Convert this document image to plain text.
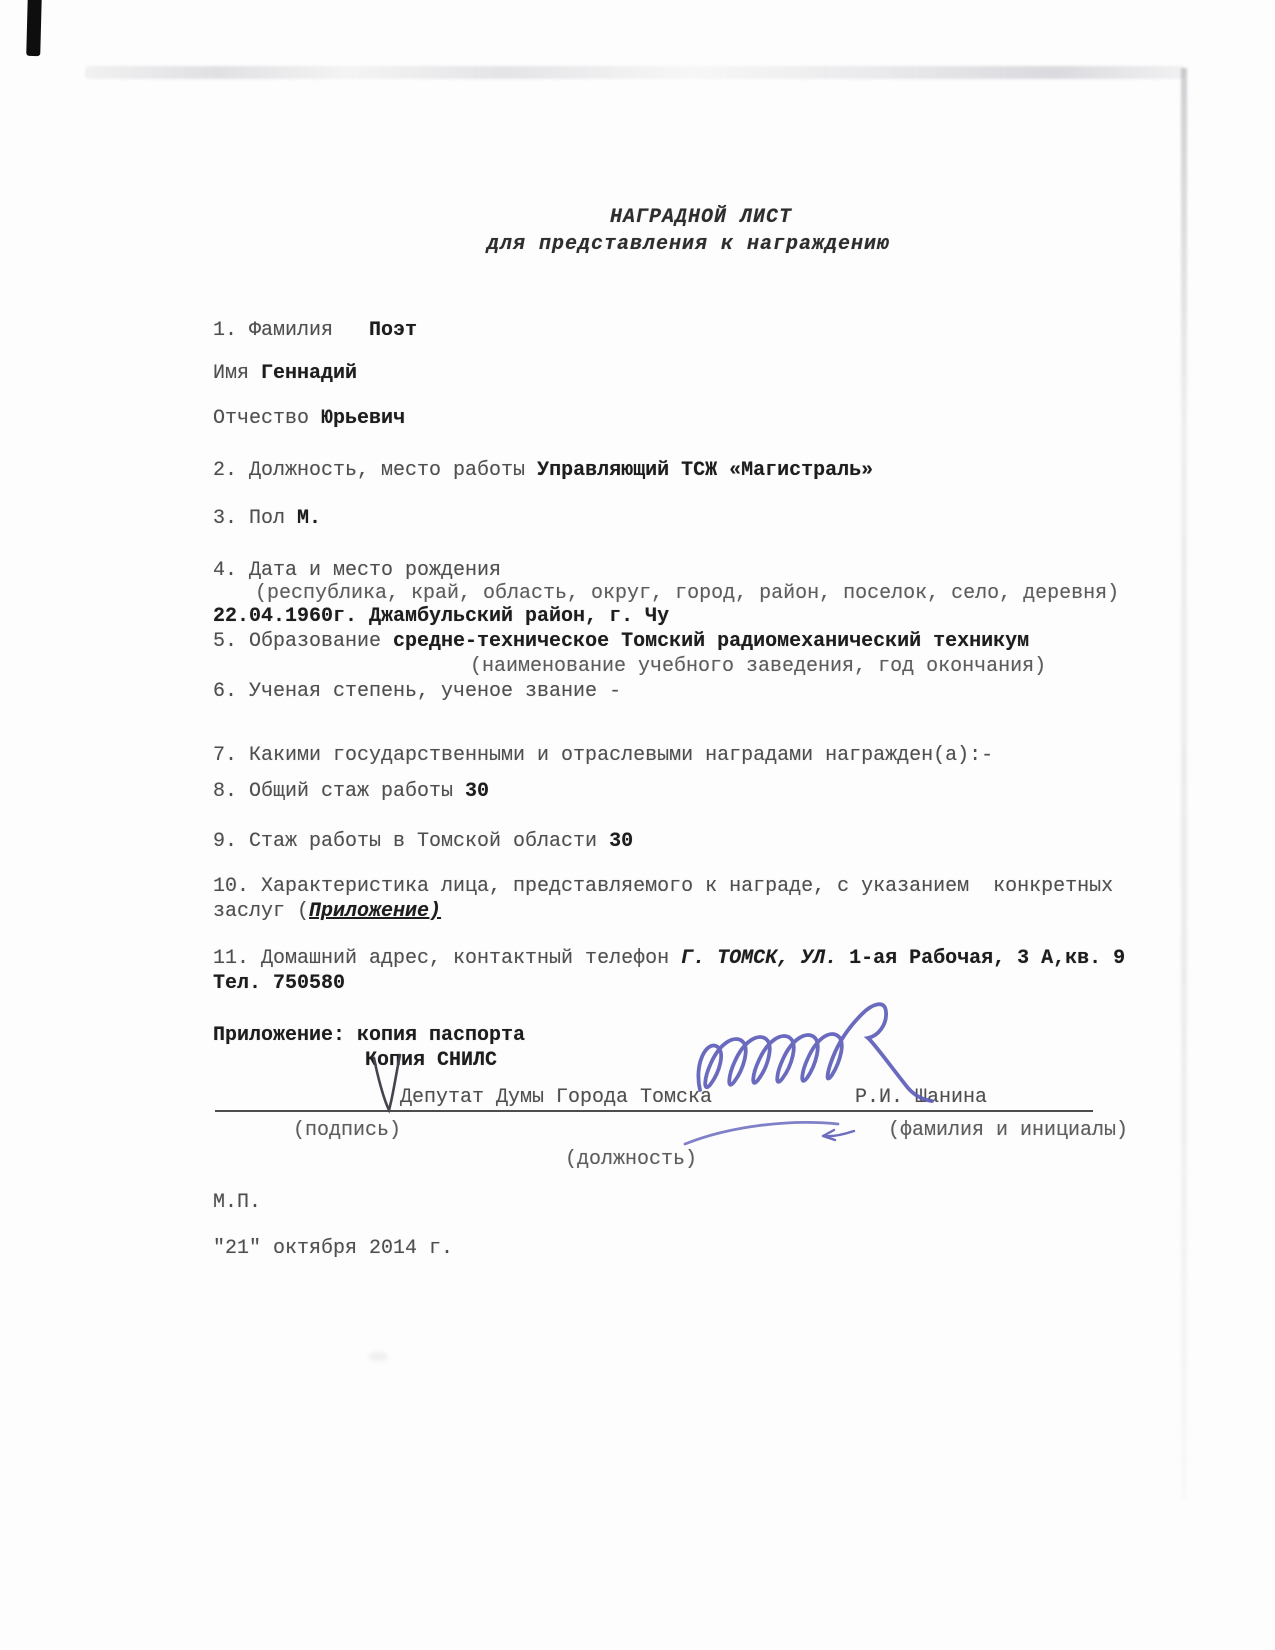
НАГРАДНОЙ ЛИСТ
для представления к награждению
1. Фамилия   Поэт
Имя Геннадий
Отчество Юрьевич
2. Должность, место работы Управляющий ТСЖ «Магистраль»
3. Пол М.
4. Дата и место рождения
(республика, край, область, округ, город, район, поселок, село, деревня)
22.04.1960г. Джамбульский район, г. Чу
5. Образование средне-техническое Томский радиомеханический техникум
(наименование учебного заведения, год окончания)
6. Ученая степень, ученое звание -
7. Какими государственными и отраслевыми наградами награжден(а):-
8. Общий стаж работы 30
9. Стаж работы в Томской области 30
10. Характеристика лица, представляемого к награде, с указанием  конкретных
заслуг (Приложение)
11. Домашний адрес, контактный телефон Г. ТОМСК, УЛ. 1-ая Рабочая, 3 А,кв. 9
Тел. 750580
Приложение: копия паспорта
Копия СНИЛС
Депутат Думы Города Томска	Р.И. Шанина
(подпись)	(фамилия и инициалы)
(должность)
М.П.
"21" октября 2014 г.
